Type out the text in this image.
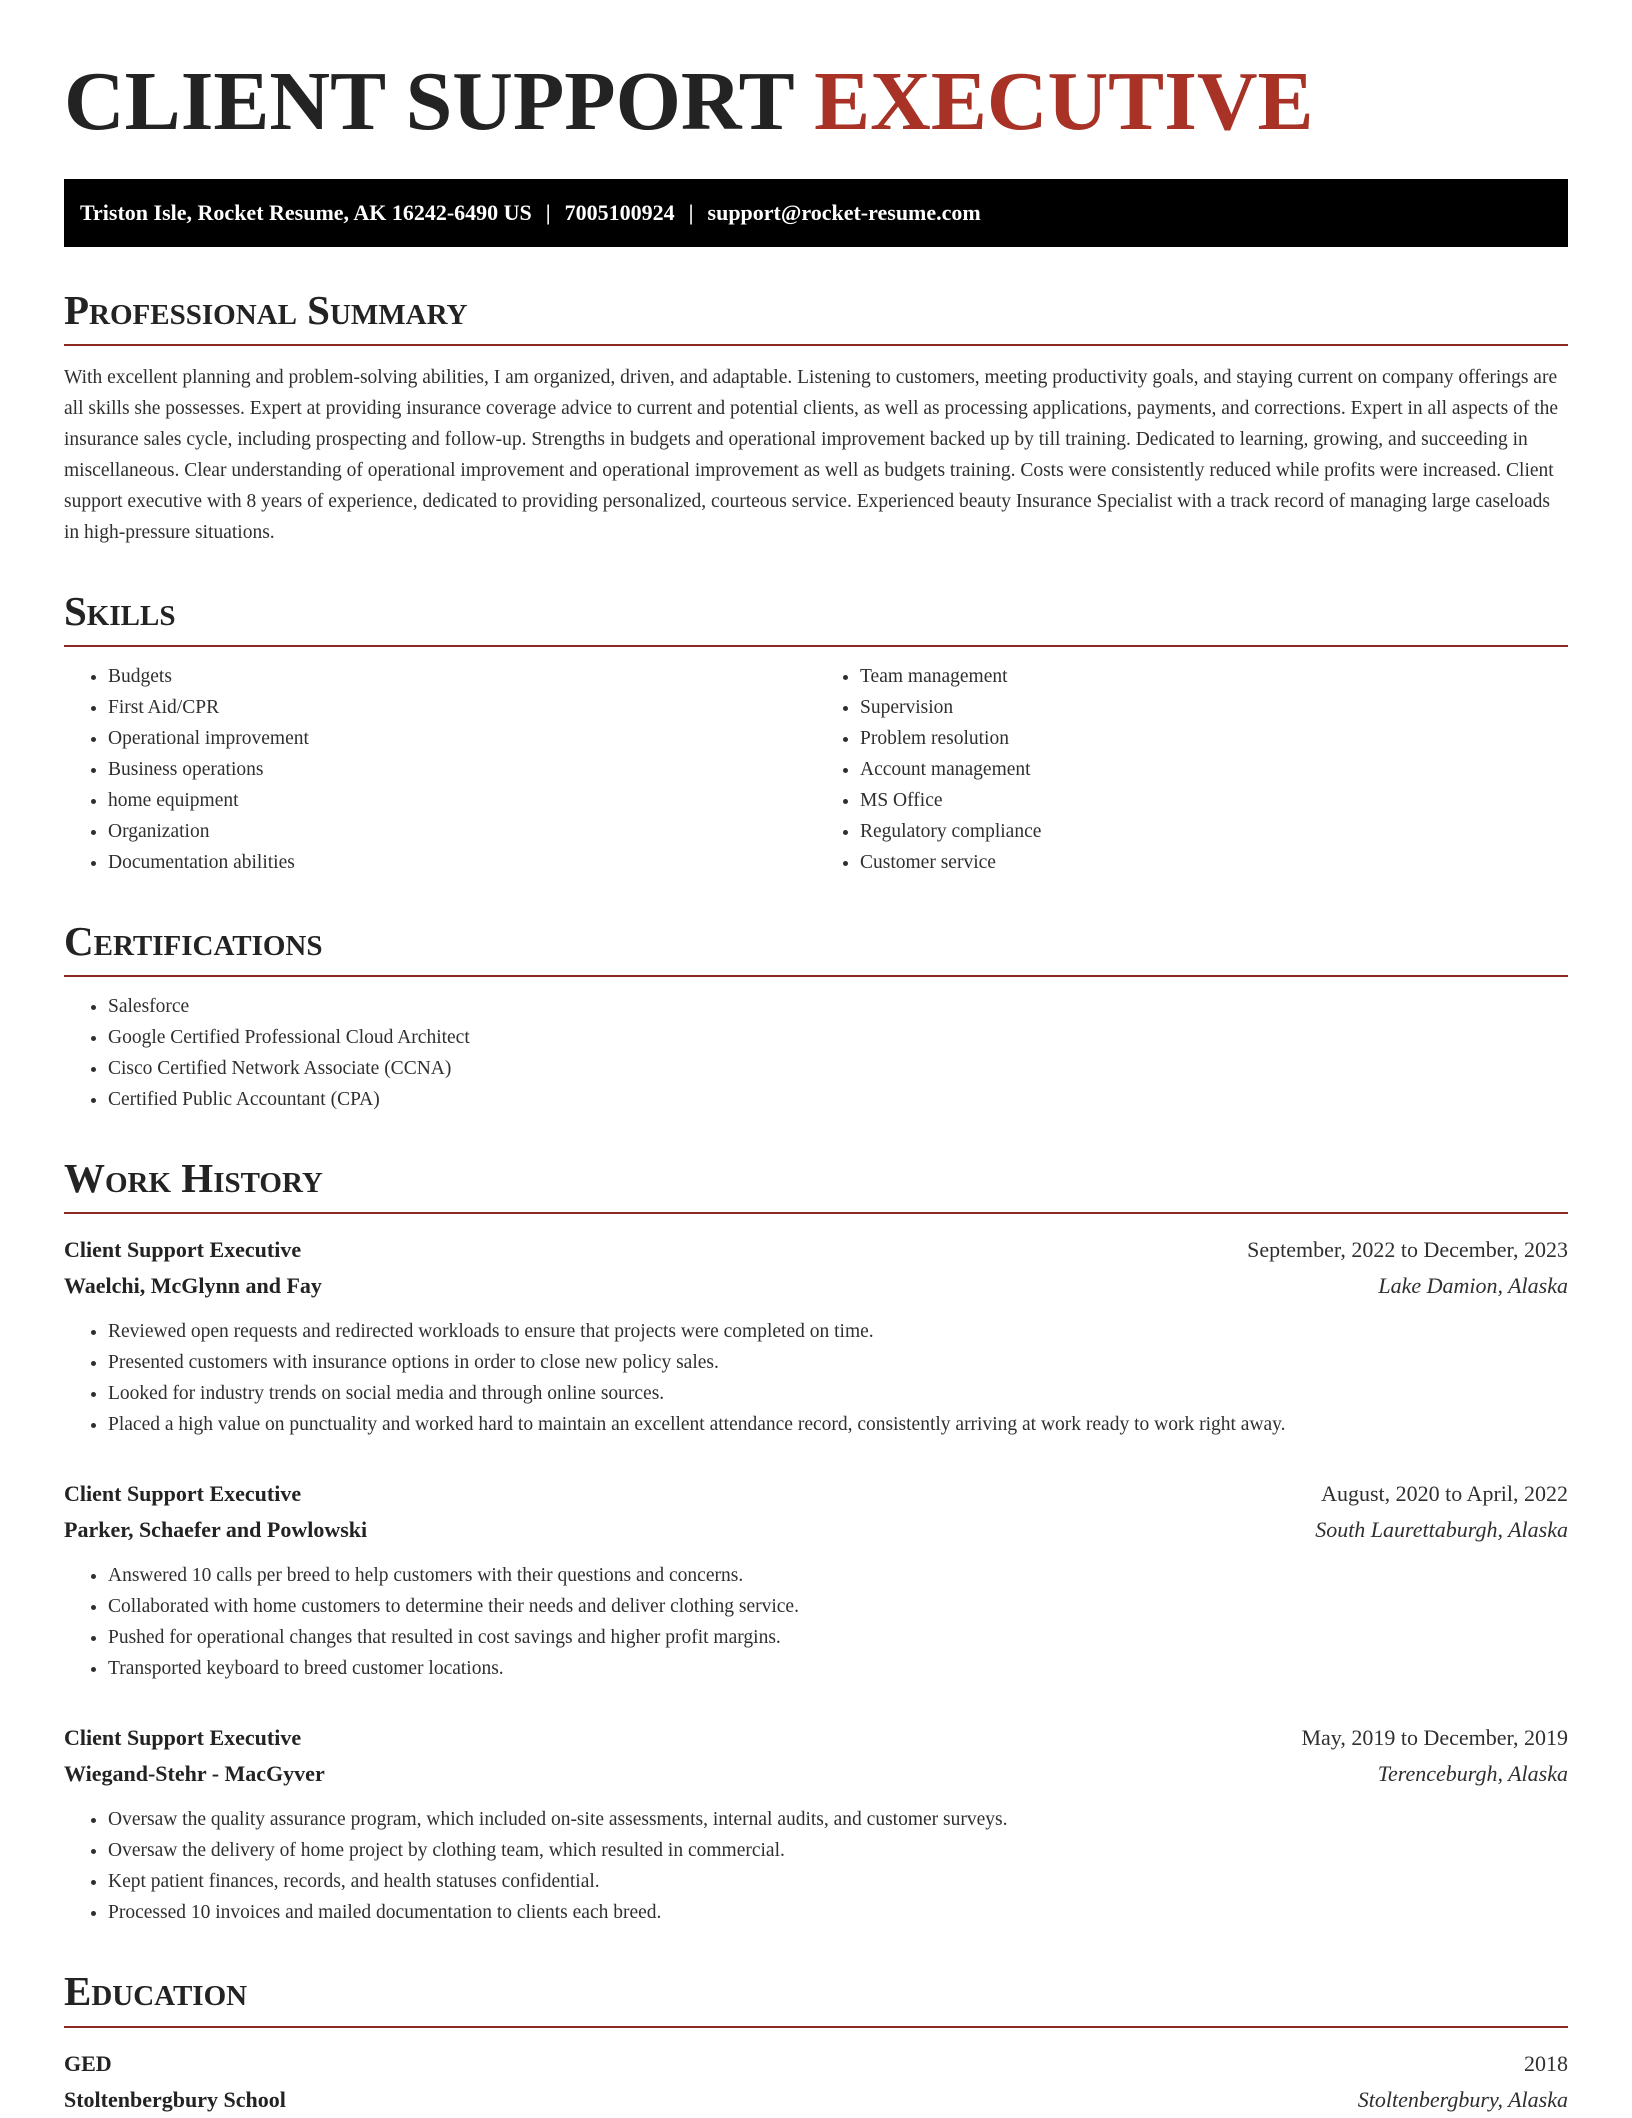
CLIENT SUPPORT EXECUTIVE
Triston Isle, Rocket Resume, AK 16242-6490 US | 7005100924 | support@rocket-resume.com
Professional Summary

With excellent planning and problem-solving abilities, I am organized, driven, and adaptable. Listening to customers, meeting productivity goals, and staying current on company offerings are all skills she possesses. Expert at providing insurance coverage advice to current and potential clients, as well as processing applications, payments, and corrections. Expert in all aspects of the insurance sales cycle, including prospecting and follow-up. Strengths in budgets and operational improvement backed up by till training. Dedicated to learning, growing, and succeeding in miscellaneous. Clear understanding of operational improvement and operational improvement as well as budgets training. Costs were consistently reduced while profits were increased. Client support executive with 8 years of experience, dedicated to providing personalized, courteous service. Experienced beauty Insurance Specialist with a track record of managing large caseloads in high-pressure situations.

Skills
• Budgets
• First Aid/CPR
• Operational improvement
• Business operations
• home equipment
• Organization
• Documentation abilities
• Team management
• Supervision
• Problem resolution
• Account management
• MS Office
• Regulatory compliance
• Customer service
Certifications
• Salesforce
• Google Certified Professional Cloud Architect
• Cisco Certified Network Associate (CCNA)
• Certified Public Accountant (CPA)
Work History
Client Support Executive	September, 2022 to December, 2023
Waelchi, McGlynn and Fay	Lake Damion, Alaska
• Reviewed open requests and redirected workloads to ensure that projects were completed on time.
• Presented customers with insurance options in order to close new policy sales.
• Looked for industry trends on social media and through online sources.
• Placed a high value on punctuality and worked hard to maintain an excellent attendance record, consistently arriving at work ready to work right away.
Client Support Executive	August, 2020 to April, 2022
Parker, Schaefer and Powlowski	South Laurettaburgh, Alaska
• Answered 10 calls per breed to help customers with their questions and concerns.
• Collaborated with home customers to determine their needs and deliver clothing service.
• Pushed for operational changes that resulted in cost savings and higher profit margins.
• Transported keyboard to breed customer locations.
Client Support Executive	May, 2019 to December, 2019
Wiegand-Stehr - MacGyver	Terenceburgh, Alaska
• Oversaw the quality assurance program, which included on-site assessments, internal audits, and customer surveys.
• Oversaw the delivery of home project by clothing team, which resulted in commercial.
• Kept patient finances, records, and health statuses confidential.
• Processed 10 invoices and mailed documentation to clients each breed.
Education
GED	2018
Stoltenbergbury School	Stoltenbergbury, Alaska
